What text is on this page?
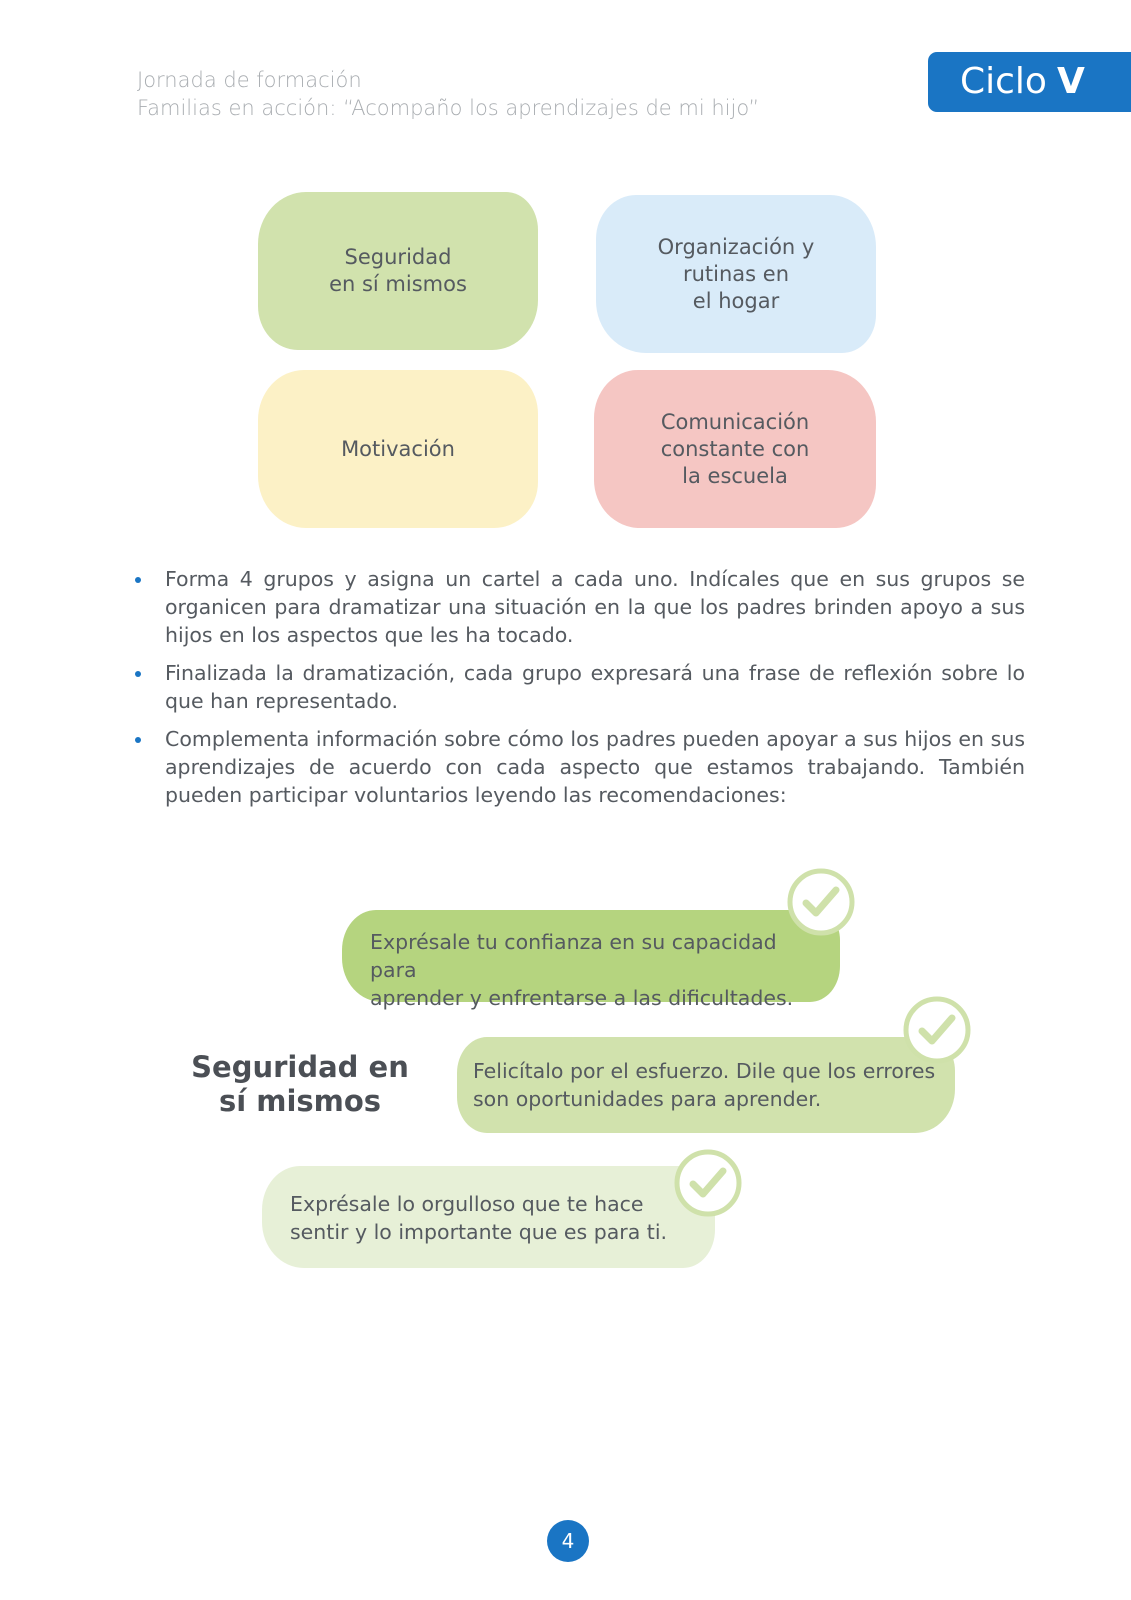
Jornada de formación
Familias en acción: “Acompaño los aprendizajes de mi hijo”
Ciclo V
Seguridad
en sí mismos
Organización y
rutinas en
el hogar
Motivación
Comunicación
constante con
la escuela
Forma 4 grupos y asigna un cartel a cada uno. Indícales que en sus grupos se organicen para dramatizar una situación en la que los padres brinden apoyo a sus hijos en los aspectos que les ha tocado.
Finalizada la dramatización, cada grupo expresará una frase de reflexión sobre lo que han representado.
Complementa información sobre cómo los padres pueden apoyar a sus hijos en sus aprendizajes de acuerdo con cada aspecto que estamos trabajando. También pueden participar voluntarios leyendo las recomendaciones:
Seguridad en sí mismos
Exprésale tu confianza en su capacidad para
aprender y enfrentarse a las dificultades.
Felicítalo por el esfuerzo. Dile que los errores
son oportunidades para aprender.
Exprésale lo orgulloso que te hace
sentir y lo importante que es para ti.
4
